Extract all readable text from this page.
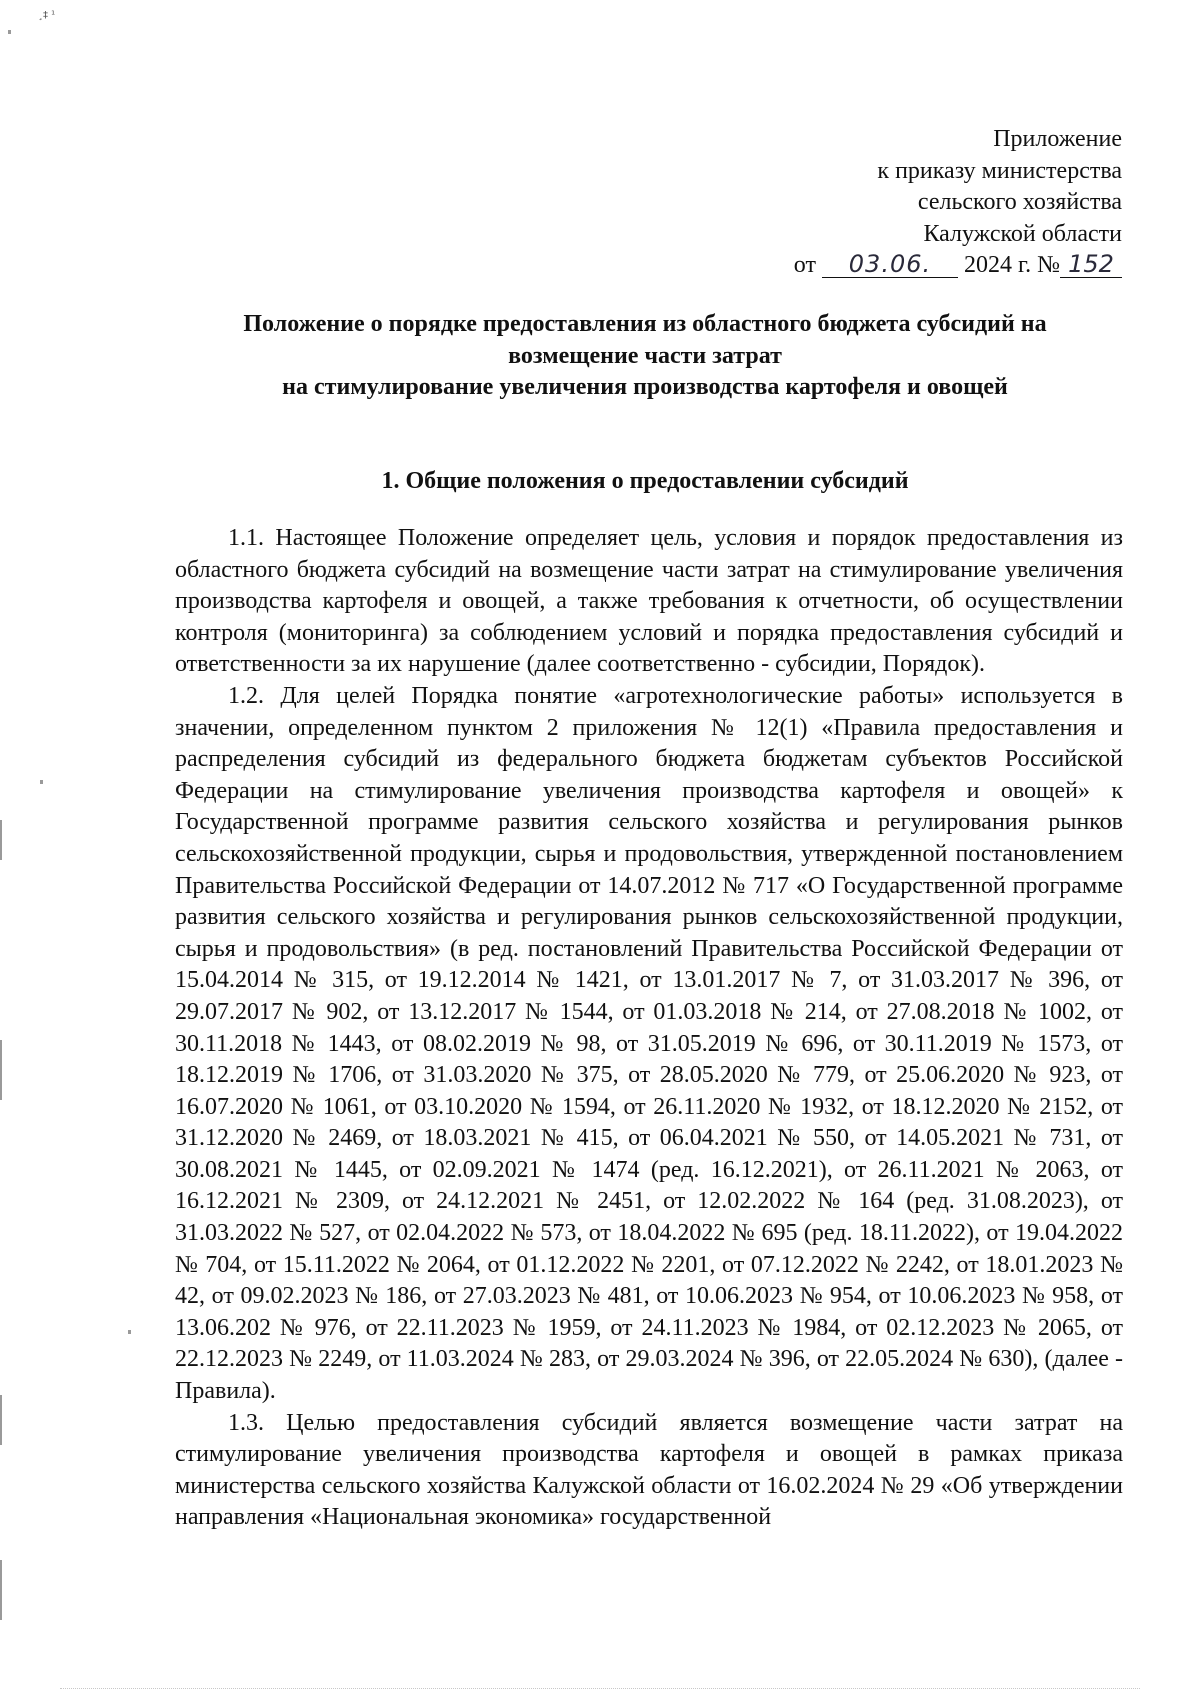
¸‡ ¹
Приложение
к приказу министерства
сельского хозяйства
Калужской области
от 03.06. 2024 г. № 152
Положение о порядке предоставления из областного бюджета субсидий на
возмещение части затрат
на стимулирование увеличения производства картофеля и овощей
1. Общие положения о предоставлении субсидий

1.1. Настоящее Положение определяет цель, условия и порядок предоставления из областного бюджета субсидий на возмещение части затрат на стимулирование увеличения производства картофеля и овощей, а также требования к отчетности, об осуществлении контроля (мониторинга) за соблюдением условий и порядка предоставления субсидий и ответственности за их нарушение (далее соответственно - субсидии, Порядок).

1.2. Для целей Порядка понятие «агротехнологические работы» используется в значении, определенном пунктом 2 приложения № 12(1) «Правила предоставления и распределения субсидий из федерального бюджета бюджетам субъектов Российской Федерации на стимулирование увеличения производства картофеля и овощей» к Государственной программе развития сельского хозяйства и регулирования рынков сельскохозяйственной продукции, сырья и продовольствия, утвержденной постановлением Правительства Российской Федерации от 14.07.2012 № 717 «О Государственной программе развития сельского хозяйства и регулирования рынков сельскохозяйственной продукции, сырья и продовольствия» (в ред. постановлений Правительства Российской Федерации от 15.04.2014 № 315, от 19.12.2014 № 1421, от 13.01.2017 № 7, от 31.03.2017 № 396, от 29.07.2017 № 902, от 13.12.2017 № 1544, от 01.03.2018 № 214, от 27.08.2018 № 1002, от 30.11.2018 № 1443, от 08.02.2019 № 98, от 31.05.2019 № 696, от 30.11.2019 № 1573, от 18.12.2019 № 1706, от 31.03.2020 № 375, от 28.05.2020 № 779, от 25.06.2020 № 923, от 16.07.2020 № 1061, от 03.10.2020 № 1594, от 26.11.2020 № 1932, от 18.12.2020 № 2152, от 31.12.2020 № 2469, от 18.03.2021 № 415, от 06.04.2021 № 550, от 14.05.2021 № 731, от 30.08.2021 № 1445, от 02.09.2021 № 1474 (ред. 16.12.2021), от 26.11.2021 № 2063, от 16.12.2021 № 2309, от 24.12.2021 № 2451, от 12.02.2022 № 164 (ред. 31.08.2023), от 31.03.2022 № 527, от 02.04.2022 № 573, от 18.04.2022 № 695 (ред. 18.11.2022), от 19.04.2022 № 704, от 15.11.2022 № 2064, от 01.12.2022 № 2201, от 07.12.2022 № 2242, от 18.01.2023 № 42, от 09.02.2023 № 186, от 27.03.2023 № 481, от 10.06.2023 № 954, от 10.06.2023 № 958, от 13.06.202 № 976, от 22.11.2023 № 1959, от 24.11.2023 № 1984, от 02.12.2023 № 2065, от 22.12.2023 № 2249, от 11.03.2024 № 283, от 29.03.2024 № 396, от 22.05.2024 № 630), (далее - Правила).

1.3. Целью предоставления субсидий является возмещение части затрат на стимулирование увеличения производства картофеля и овощей в рамках приказа министерства сельского хозяйства Калужской области от 16.02.2024 № 29 «Об утверждении направления «Национальная экономика» государственной
